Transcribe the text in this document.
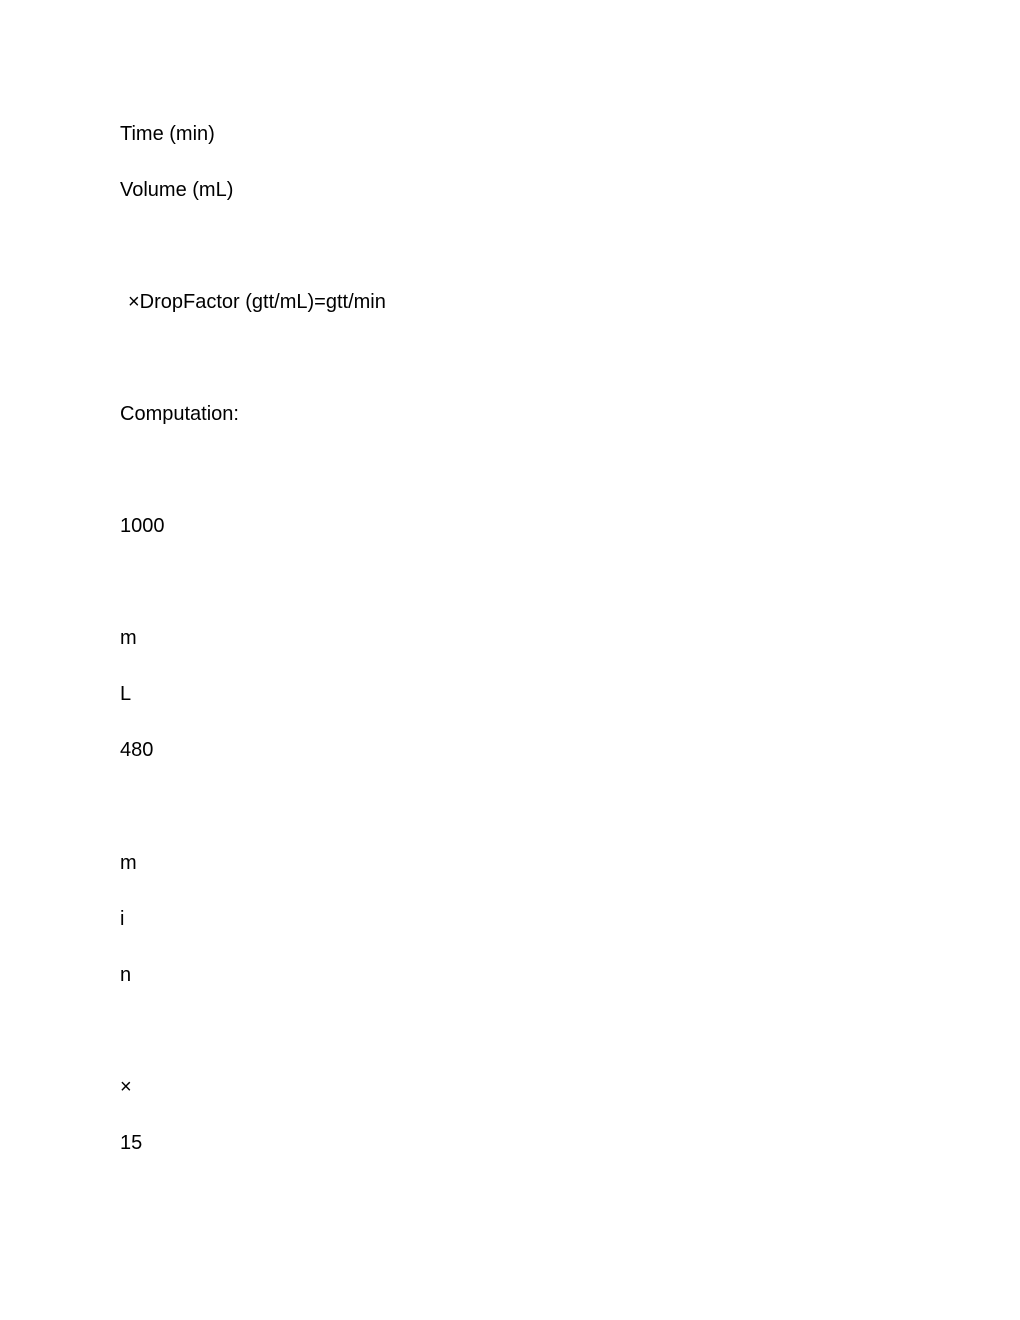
Time (min)
Volume (mL)
×DropFactor (gtt/mL)=gtt/min
Computation:
1000
m
L
480
m
i
n
×
15
